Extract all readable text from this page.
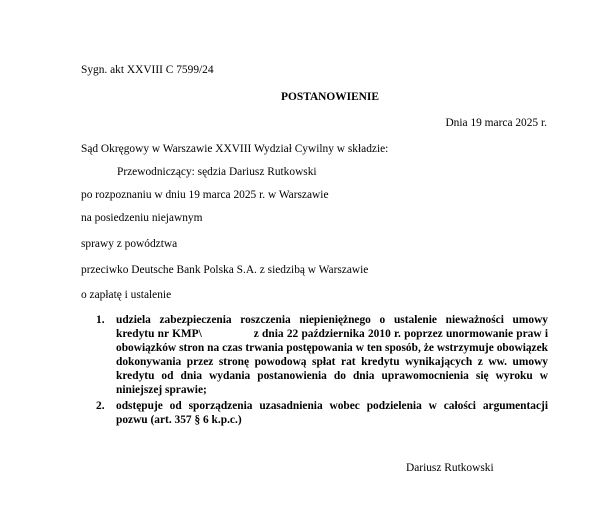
Sygn. akt XXVIII C 7599/24
POSTANOWIENIE
Dnia 19 marca 2025 r.
Sąd Okręgowy w Warszawie XXVIII Wydział Cywilny w składzie:
Przewodniczący: sędzia Dariusz Rutkowski
po rozpoznaniu w dniu 19 marca 2025 r. w Warszawie
na posiedzeniu niejawnym
sprawy z powództwa
przeciwko Deutsche Bank Polska S.A. z siedzibą w Warszawie
o zapłatę i ustalenie
1. udziela zabezpieczenia roszczenia niepieniężnego o ustalenie nieważności umowy kredytu nr KMP\                z dnia 22 października 2010 r. poprzez unormowanie praw i obowiązków stron na czas trwania postępowania w ten sposób, że wstrzymuje obowiązek dokonywania przez stronę powodową spłat rat kredytu wynikających z ww. umowy kredytu od dnia wydania postanowienia do dnia uprawomocnienia się wyroku w niniejszej sprawie;
2. odstępuje od sporządzenia uzasadnienia wobec podzielenia w całości argumentacji pozwu (art. 357 § 6 k.p.c.)
Dariusz Rutkowski
